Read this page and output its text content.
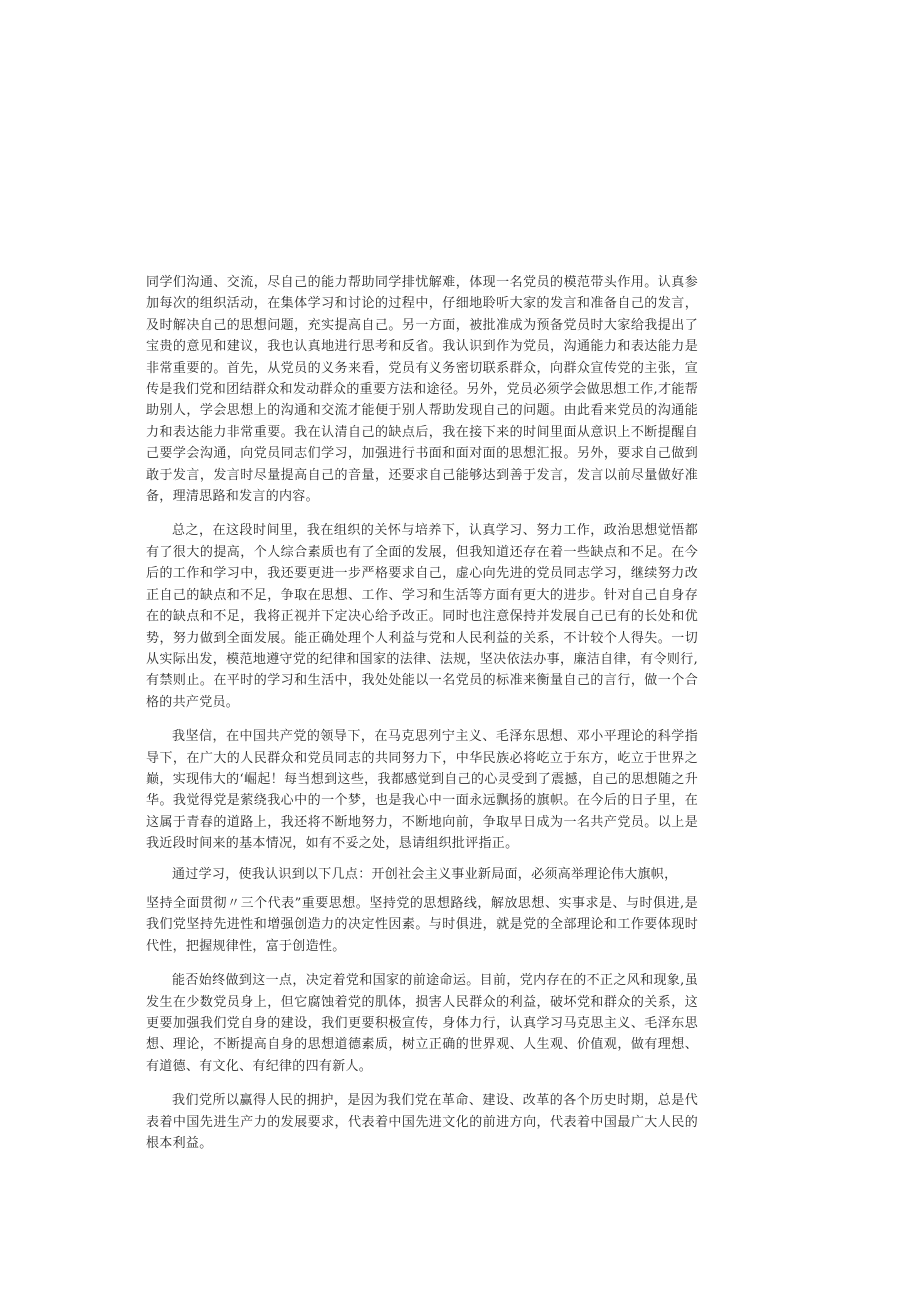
同学们沟通、交流，尽自己的能力帮助同学排忧解难，体现一名党员的模范带头作用。认真参加每次的组织活动，在集体学习和讨论的过程中，仔细地聆听大家的发言和准备自己的发言，及时解决自己的思想问题，充实提高自己。另一方面，被批准成为预备党员时大家给我提出了宝贵的意见和建议，我也认真地进行思考和反省。我认识到作为党员，沟通能力和表达能力是非常重要的。首先，从党员的义务来看，党员有义务密切联系群众，向群众宣传党的主张，宣传是我们党和团结群众和发动群众的重要方法和途径。另外，党员必须学会做思想工作,才能帮助别人，学会思想上的沟通和交流才能便于别人帮助发现自己的问题。由此看来党员的沟通能力和表达能力非常重要。我在认清自己的缺点后，我在接下来的时间里面从意识上不断提醒自己要学会沟通，向党员同志们学习，加强进行书面和面对面的思想汇报。另外，要求自己做到敢于发言，发言时尽量提高自己的音量，还要求自己能够达到善于发言，发言以前尽量做好准备，理清思路和发言的内容。

总之，在这段时间里，我在组织的关怀与培养下，认真学习、努力工作，政治思想觉悟都有了很大的提高，个人综合素质也有了全面的发展，但我知道还存在着一些缺点和不足。在今后的工作和学习中，我还要更进一步严格要求自己，虚心向先进的党员同志学习，继续努力改正自己的缺点和不足，争取在思想、工作、学习和生活等方面有更大的进步。针对自己自身存在的缺点和不足，我将正视并下定决心给予改正。同时也注意保持并发展自己已有的长处和优势，努力做到全面发展。能正确处理个人利益与党和人民利益的关系，不计较个人得失。一切从实际出发，模范地遵守党的纪律和国家的法律、法规，坚决依法办事，廉洁自律，有令则行,有禁则止。在平时的学习和生活中，我处处能以一名党员的标准来衡量自己的言行，做一个合格的共产党员。

我坚信，在中国共产党的领导下，在马克思列宁主义、毛泽东思想、邓小平理论的科学指导下，在广大的人民群众和党员同志的共同努力下，中华民族必将屹立于东方，屹立于世界之巅，实现伟大的‘崛起！每当想到这些，我都感觉到自己的心灵受到了震撼，自己的思想随之升华。我觉得党是萦绕我心中的一个梦，也是我心中一面永远飘扬的旗帜。在今后的日子里，在这属于青春的道路上，我还将不断地努力，不断地向前，争取早日成为一名共产党员。以上是我近段时间来的基本情况，如有不妥之处，恳请组织批评指正。

通过学习，使我认识到以下几点：开创社会主义事业新局面，必须高举理论伟大旗帜，

坚持全面贯彻〃三个代表”重要思想。坚持党的思想路线，解放思想、实事求是、与时俱进,是我们党坚持先进性和增强创造力的决定性因素。与时俱进，就是党的全部理论和工作要体现时代性，把握规律性，富于创造性。

能否始终做到这一点，决定着党和国家的前途命运。目前，党内存在的不正之风和现象,虽发生在少数党员身上，但它腐蚀着党的肌体，损害人民群众的利益，破坏党和群众的关系，这更要加强我们党自身的建设，我们更要积极宣传，身体力行，认真学习马克思主义、毛泽东思想、理论，不断提高自身的思想道德素质，树立正确的世界观、人生观、价值观，做有理想、有道德、有文化、有纪律的四有新人。

我们党所以赢得人民的拥护，是因为我们党在革命、建设、改革的各个历史时期，总是代表着中国先进生产力的发展要求，代表着中国先进文化的前进方向，代表着中国最广大人民的根本利益。
